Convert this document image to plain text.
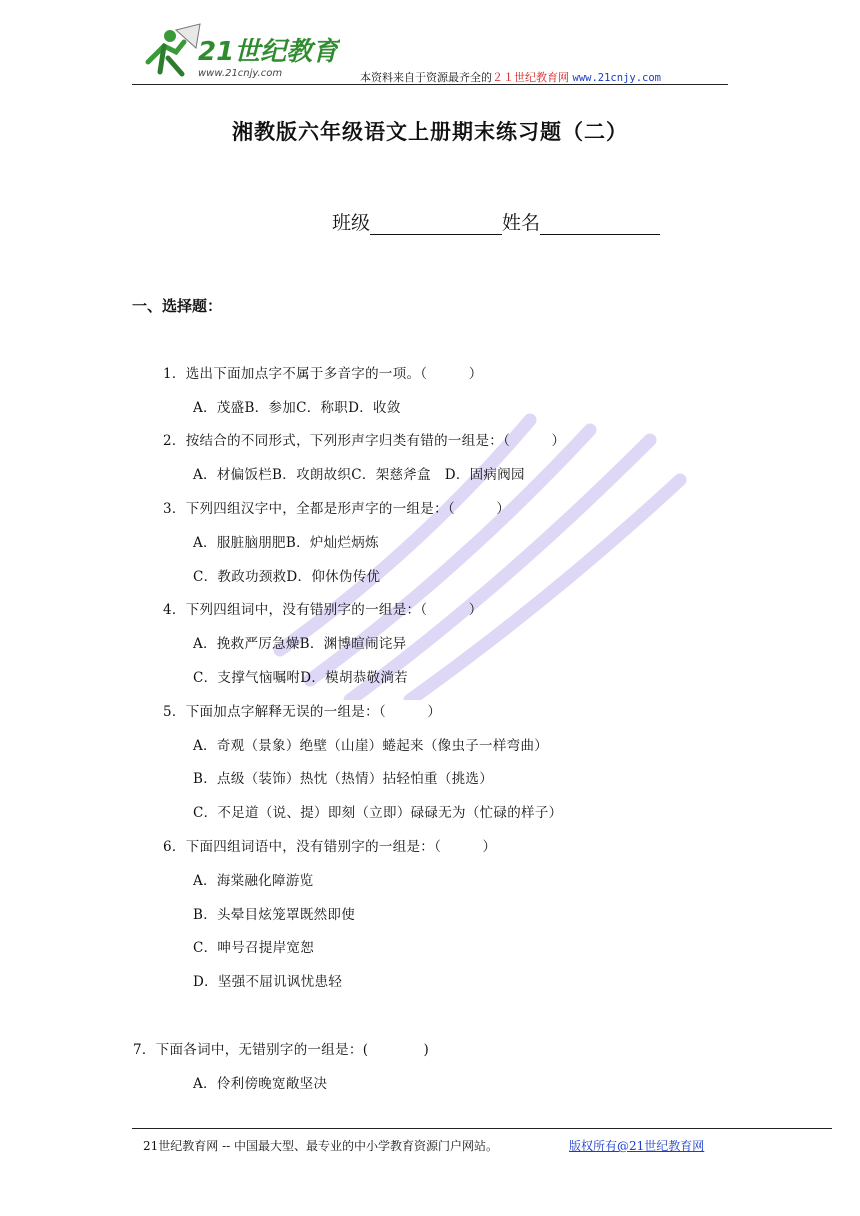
21世纪教育
www.21cnjy.com	本资料来自于资源最齐全的２１世纪教育网 www.21cnjy.com
湘教版六年级语文上册期末练习题（二）
班级	姓名
一、选择题：
1．选出下面加点字不属于多音字的一项。（　　　）
A．茂盛B．参加C．称职D．收敛
2．按结合的不同形式，下列形声字归类有错的一组是：（　　　）
A．材偏饭栏B．攻朗故织C．架慈斧盒　D．固病阀园
3．下列四组汉字中，全都是形声字的一组是：（　　　）
A．服脏脑朋肥B．炉灿烂炳炼
C．教政功颈救D．仰休伪传优
4．下列四组词中，没有错别字的一组是：（　　　）
A．挽救严厉急燥B．渊博暄闹诧异
C．支撑气恼嘱咐D．模胡恭敬淌若
5．下面加点字解释无误的一组是：（　　　）
A．奇观（景象）绝壁（山崖）蜷起来（像虫子一样弯曲）
B．点级（装饰）热忱（热情）拈轻怕重（挑选）
C．不足道（说、提）即刻（立即）碌碌无为（忙碌的样子）
6．下面四组词语中，没有错别字的一组是：（　　　）
A．海棠融化障游览
B．头晕目炫笼罩既然即使
C．呻号召提岸宽恕
D．坚强不屈讥讽忧患轻
7．下面各词中，无错别字的一组是：(　　　　)
A．伶利傍晚宽敞坚决
21世纪教育网 -- 中国最大型、最专业的中小学教育资源门户网站。	版权所有@21世纪教育网
